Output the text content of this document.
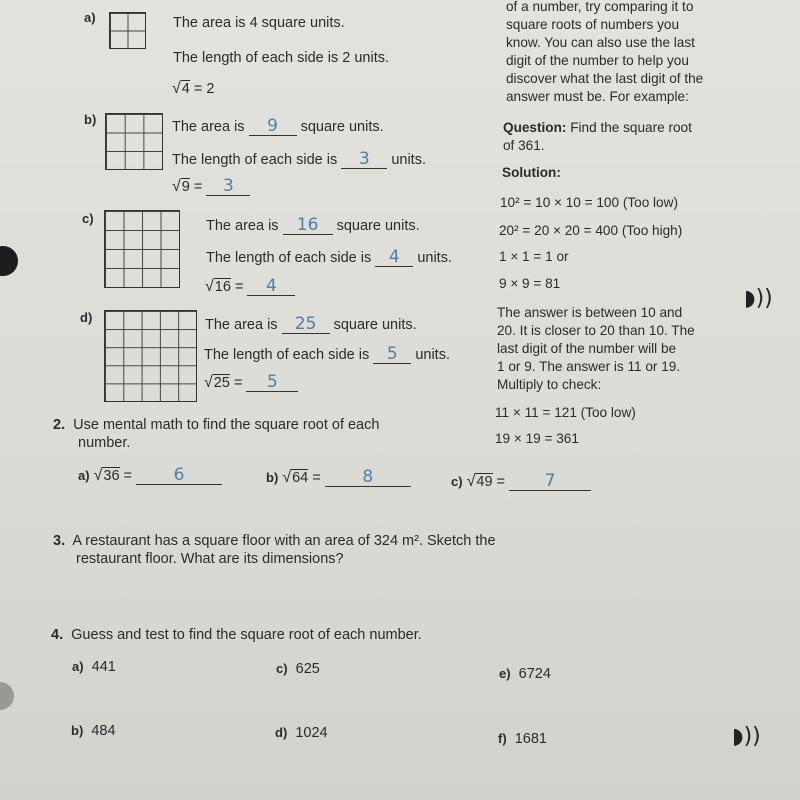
◗))
◗))
a)	The area is 4 square units.
The length of each side is 2 units.
√4 = 2
b)	The area is 9 square units.
The length of each side is 3 units.
√9 = 3
c)	The area is 16 square units.
The length of each side is 4 units.
√16 = 4
d)	The area is 25 square units.
The length of each side is 5 units.
√25 = 5
of a number, try comparing it to
square roots of numbers you
know. You can also use the last
digit of the number to help you
discover what the last digit of the
answer must be. For example:
Question: Find the square root
of 361.
Solution:
10² = 10 × 10 = 100 (Too low)
20² = 20 × 20 = 400 (Too high)
1 × 1 = 1 or
9 × 9 = 81
The answer is between 10 and
20. It is closer to 20 than 10. The
last digit of the number will be
1 or 9. The answer is 11 or 19.
Multiply to check:
11 × 11 = 121 (Too low)
19 × 19 = 361
2. Use mental math to find the square root of each
number.
a) √36 = 6	b) √64 = 8	c) √49 = 7
3. A restaurant has a square floor with an area of 324 m². Sketch the
restaurant floor. What are its dimensions?
4. Guess and test to find the square root of each number.
a) 441	c) 625	e) 6724
b) 484	d) 1024	f) 1681
